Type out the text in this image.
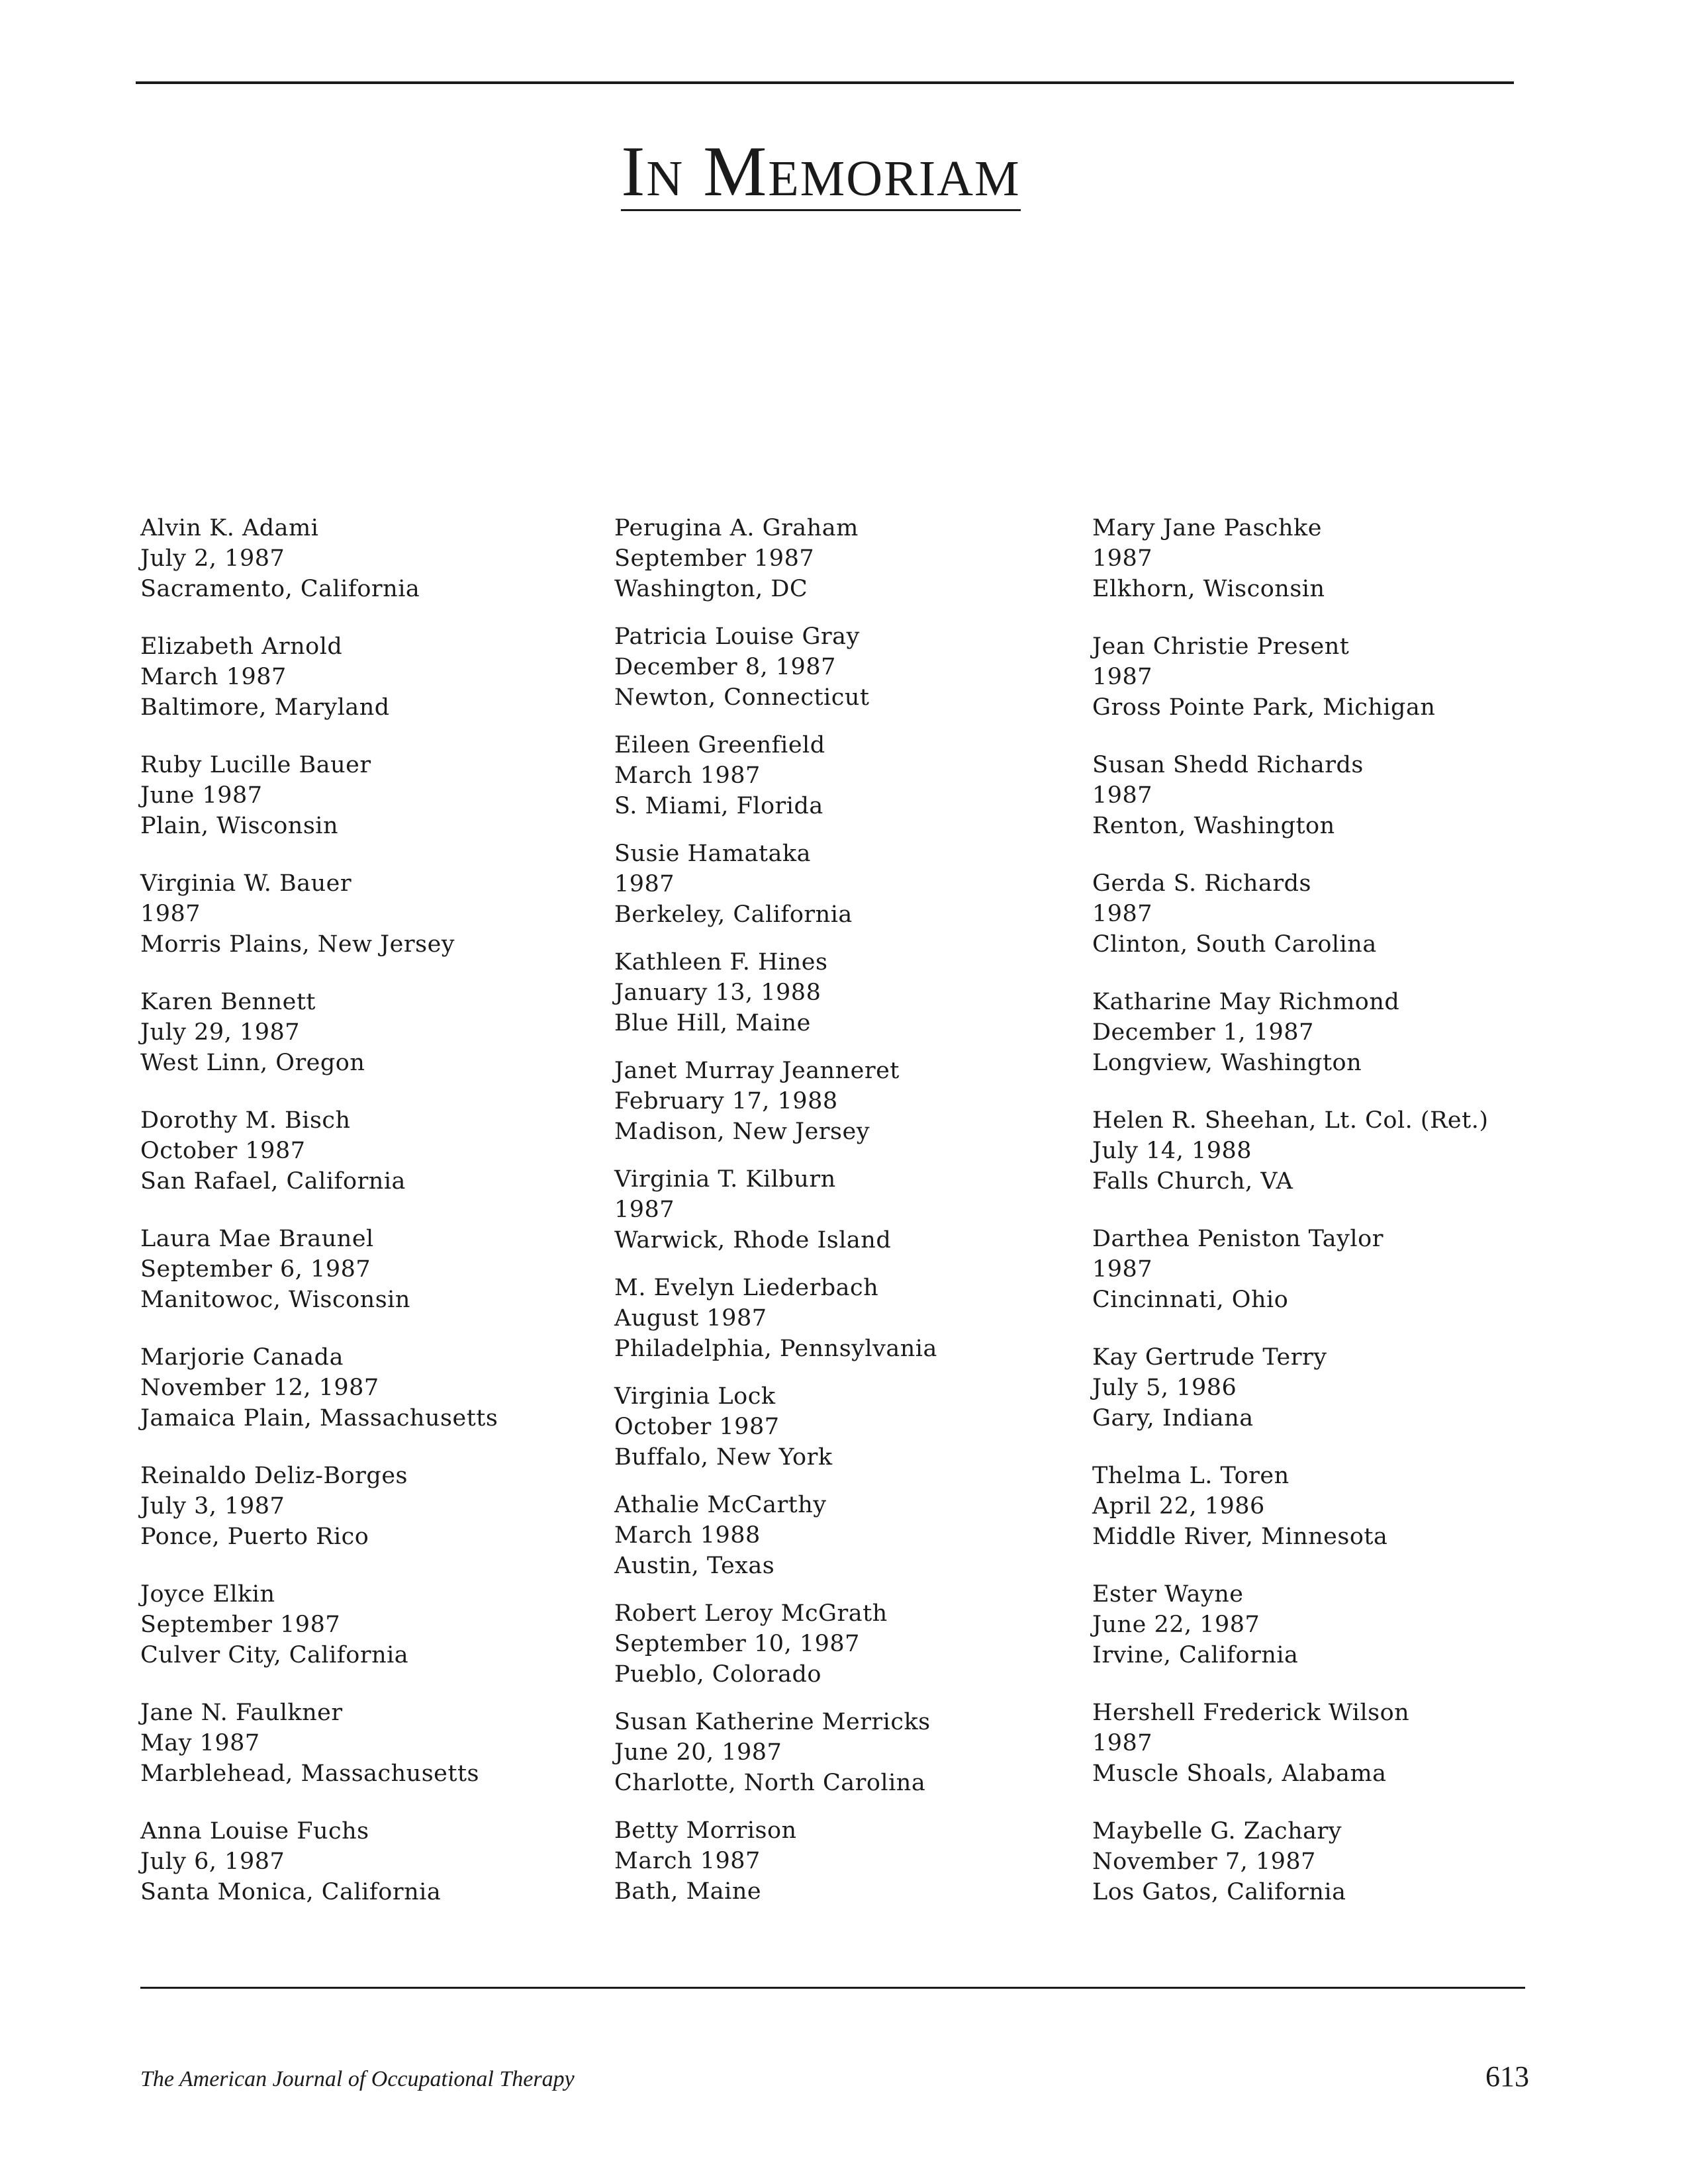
In Memoriam
Alvin K. Adami
July 2, 1987
Sacramento, California
Elizabeth Arnold
March 1987
Baltimore, Maryland
Ruby Lucille Bauer
June 1987
Plain, Wisconsin
Virginia W. Bauer
1987
Morris Plains, New Jersey
Karen Bennett
July 29, 1987
West Linn, Oregon
Dorothy M. Bisch
October 1987
San Rafael, California
Laura Mae Braunel
September 6, 1987
Manitowoc, Wisconsin
Marjorie Canada
November 12, 1987
Jamaica Plain, Massachusetts
Reinaldo Deliz-Borges
July 3, 1987
Ponce, Puerto Rico
Joyce Elkin
September 1987
Culver City, California
Jane N. Faulkner
May 1987
Marblehead, Massachusetts
Anna Louise Fuchs
July 6, 1987
Santa Monica, California
Perugina A. Graham
September 1987
Washington, DC
Patricia Louise Gray
December 8, 1987
Newton, Connecticut
Eileen Greenfield
March 1987
S. Miami, Florida
Susie Hamataka
1987
Berkeley, California
Kathleen F. Hines
January 13, 1988
Blue Hill, Maine
Janet Murray Jeanneret
February 17, 1988
Madison, New Jersey
Virginia T. Kilburn
1987
Warwick, Rhode Island
M. Evelyn Liederbach
August 1987
Philadelphia, Pennsylvania
Virginia Lock
October 1987
Buffalo, New York
Athalie McCarthy
March 1988
Austin, Texas
Robert Leroy McGrath
September 10, 1987
Pueblo, Colorado
Susan Katherine Merricks
June 20, 1987
Charlotte, North Carolina
Betty Morrison
March 1987
Bath, Maine
Mary Jane Paschke
1987
Elkhorn, Wisconsin
Jean Christie Present
1987
Gross Pointe Park, Michigan
Susan Shedd Richards
1987
Renton, Washington
Gerda S. Richards
1987
Clinton, South Carolina
Katharine May Richmond
December 1, 1987
Longview, Washington
Helen R. Sheehan, Lt. Col. (Ret.)
July 14, 1988
Falls Church, VA
Darthea Peniston Taylor
1987
Cincinnati, Ohio
Kay Gertrude Terry
July 5, 1986
Gary, Indiana
Thelma L. Toren
April 22, 1986
Middle River, Minnesota
Ester Wayne
June 22, 1987
Irvine, California
Hershell Frederick Wilson
1987
Muscle Shoals, Alabama
Maybelle G. Zachary
November 7, 1987
Los Gatos, California
The American Journal of Occupational Therapy	613
